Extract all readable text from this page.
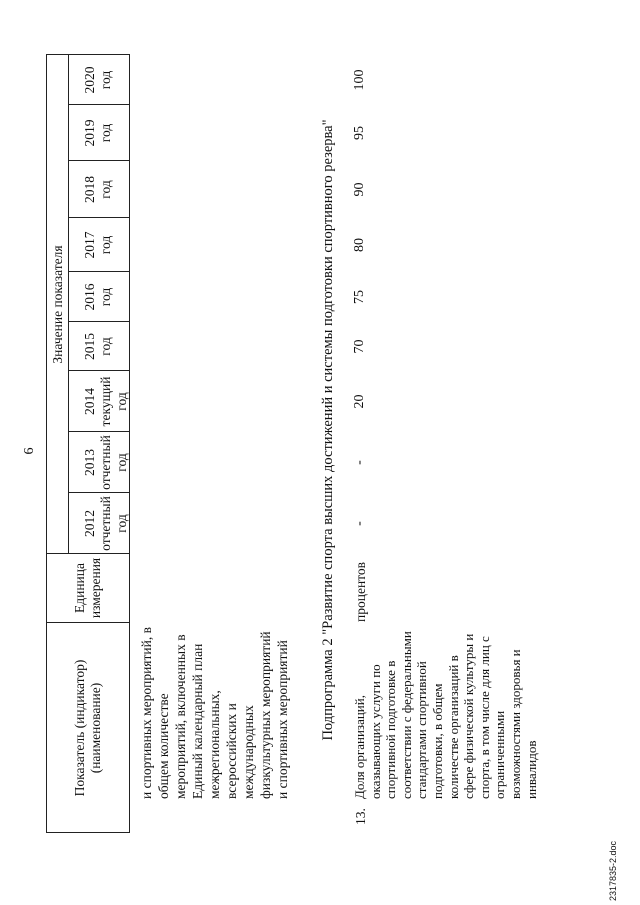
6
Показатель (индикатор) (наименование)
Единица измерения
Значение показателя
2012 отчетный год
2013 отчетный год
2014 текущий год
2015 год
2016 год
2017 год
2018 год
2019 год
2020 год
и спортивных мероприятий, в общем количестве мероприятий, включенных в Единый календарный план межрегиональных, всероссийских и международных физкультурных мероприятий и спортивных мероприятий Подпрограмма 2 "Развитие спорта высших достижений и системы подготовки спортивного резерва"
13.
Доля организаций, оказывающих услуги по спортивной подготовке в соответствии с федеральными стандартами спортивной подготовки, в общем количестве организаций в сфере физической культуры и спорта, в том числе для лиц с ограниченными возможностями здоровья и инвалидов
процентов
-
-
20
70
75
80
90
95
100
2317835-2.doc
